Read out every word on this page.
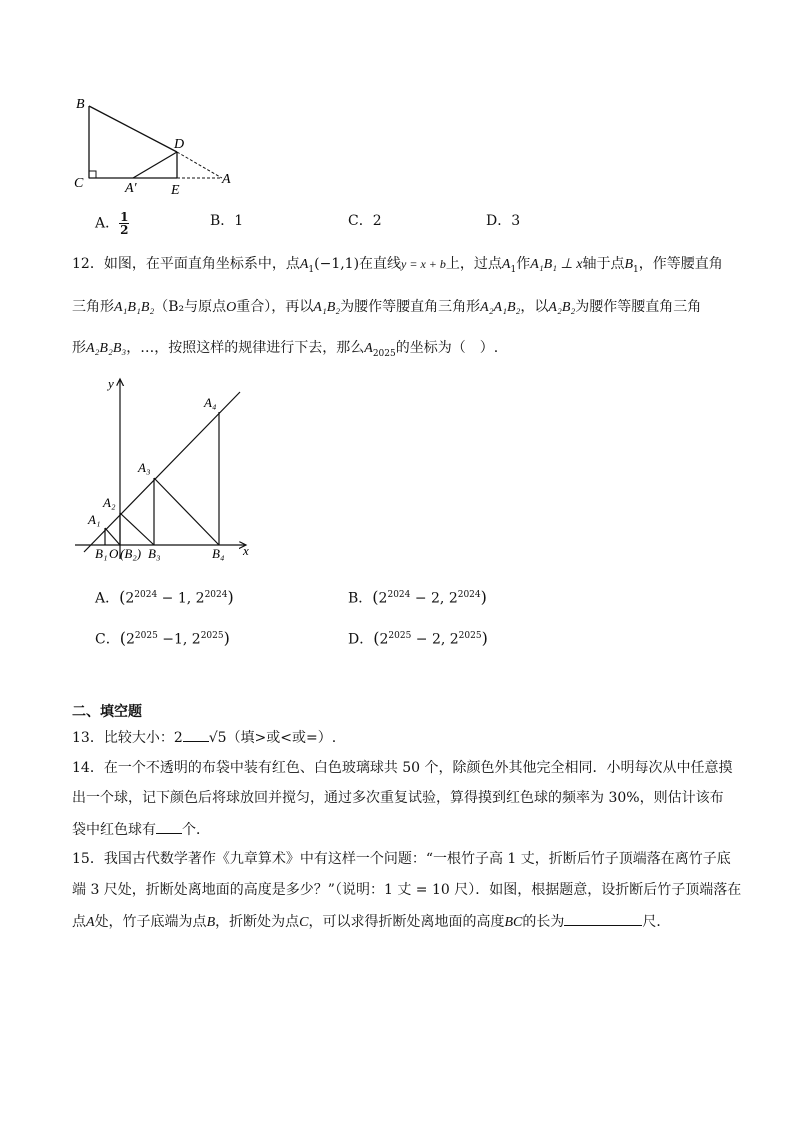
B
C
D
A′ E
A
A． $\frac{1}{2}$	B．1	C．2	D．3
12．如图，在平面直角坐标系中，点$A_1(-1,1)$在直线y = x + b上，过点$A_1$作A₁B₁ ⊥ x轴于点$B_1$，作等腰直角
三角形A₁B₁B₂（B₂与原点O重合），再以A₁B₂为腰作等腰直角三角形A₂A₁B₂，以A₂B₂为腰作等腰直角三角
形A₂B₂B₃，…，按照这样的规律进行下去，那么$A_{2025}$的坐标为（　）.
y
x
A₁
A₂
A₃
A₄
B₁ O (B₂) B₃	B₄
A．($2^{2024} - 1$, $2^{2024}$)	B．($2^{2024} - 2$, $2^{2024}$)
C．($2^{2025} -1$, $2^{2025}$)	D．($2^{2025} - 2$, $2^{2025}$)
二、填空题
13．比较大小：2 √5（填>或<或=）.
14．在一个不透明的布袋中装有红色、白色玻璃球共 50 个，除颜色外其他完全相同．小明每次从中任意摸
出一个球，记下颜色后将球放回并搅匀，通过多次重复试验，算得摸到红色球的频率为 30%，则估计该布
袋中红色球有 个．
15．我国古代数学著作《九章算术》中有这样一个问题：“一根竹子高 1 丈，折断后竹子顶端落在离竹子底
端 3 尺处，折断处离地面的高度是多少？”（说明：1 丈 = 10 尺）．如图，根据题意，设折断后竹子顶端落在
点A处，竹子底端为点B，折断处为点C，可以求得折断处离地面的高度BC的长为	尺．
